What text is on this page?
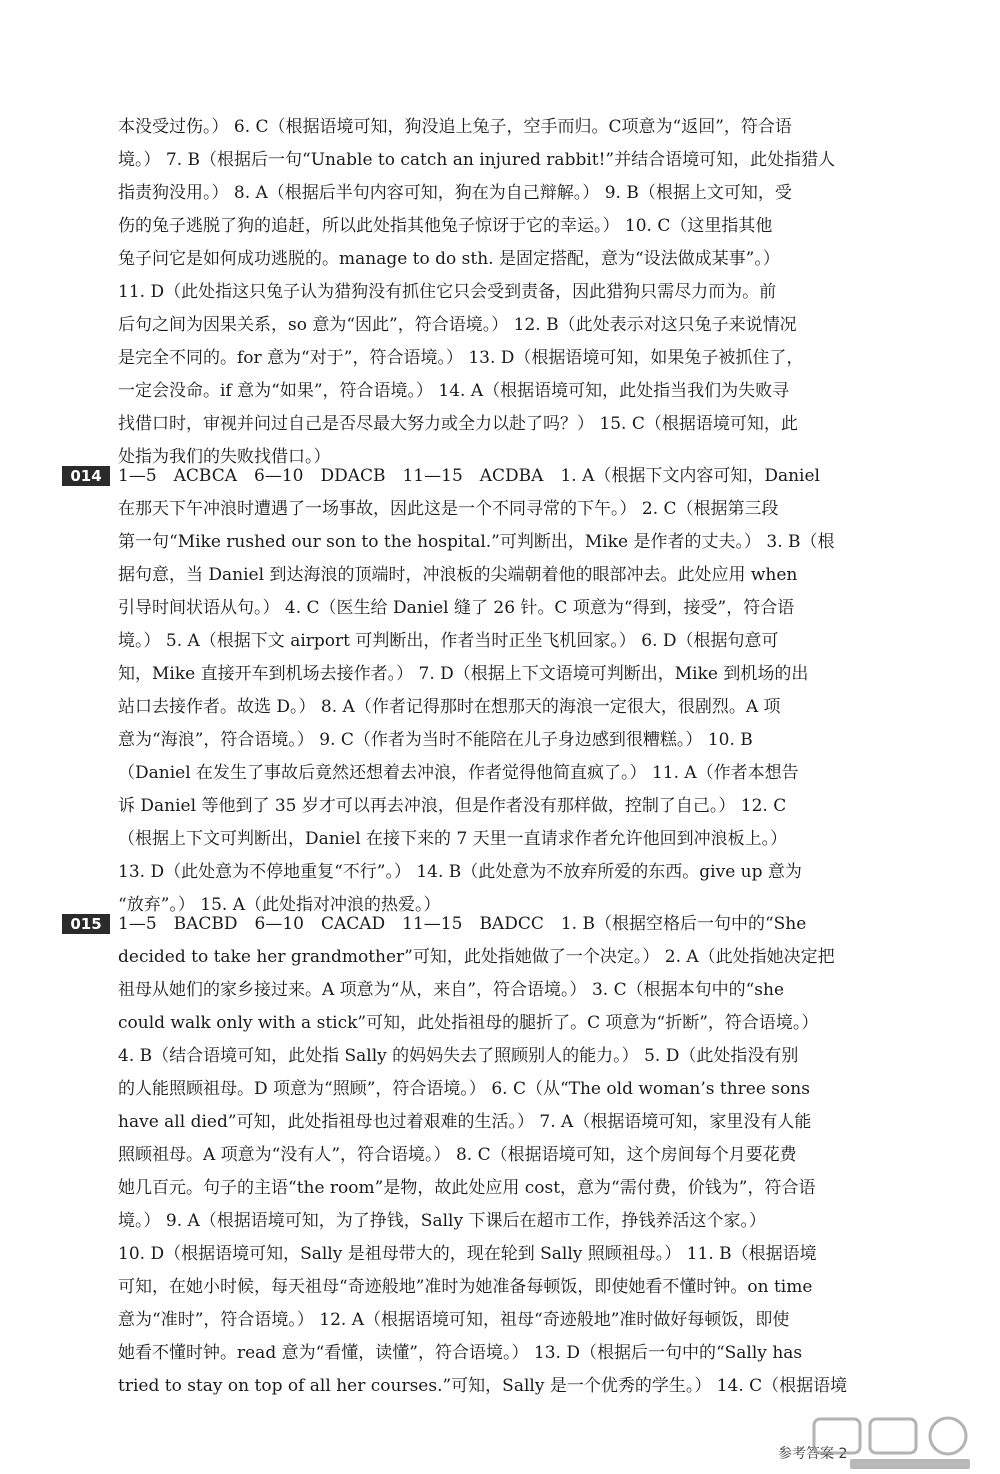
本没受过伤。） 6. C（根据语境可知，狗没追上兔子，空手而归。C项意为“返回”，符合语
境。） 7. B（根据后一句“Unable to catch an injured rabbit!”并结合语境可知，此处指猎人
指责狗没用。） 8. A（根据后半句内容可知，狗在为自己辩解。） 9. B（根据上文可知，受
伤的兔子逃脱了狗的追赶，所以此处指其他兔子惊讶于它的幸运。） 10. C（这里指其他
兔子问它是如何成功逃脱的。manage to do sth. 是固定搭配，意为“设法做成某事”。）
11. D（此处指这只兔子认为猎狗没有抓住它只会受到责备，因此猎狗只需尽力而为。前
后句之间为因果关系，so 意为“因此”，符合语境。） 12. B（此处表示对这只兔子来说情况
是完全不同的。for 意为“对于”，符合语境。） 13. D（根据语境可知，如果兔子被抓住了，
一定会没命。if 意为“如果”，符合语境。） 14. A（根据语境可知，此处指当我们为失败寻
找借口时，审视并问过自己是否尽最大努力或全力以赴了吗？） 15. C（根据语境可知，此
处指为我们的失败找借口。）
014 1—5　ACBCA　6—10　DDACB　11—15　ACDBA　1. A（根据下文内容可知，Daniel
在那天下午冲浪时遭遇了一场事故，因此这是一个不同寻常的下午。） 2. C（根据第三段
第一句“Mike rushed our son to the hospital.”可判断出，Mike 是作者的丈夫。） 3. B（根
据句意，当 Daniel 到达海浪的顶端时，冲浪板的尖端朝着他的眼部冲去。此处应用 when
引导时间状语从句。） 4. C（医生给 Daniel 缝了 26 针。C 项意为“得到，接受”，符合语
境。） 5. A（根据下文 airport 可判断出，作者当时正坐飞机回家。） 6. D（根据句意可
知，Mike 直接开车到机场去接作者。） 7. D（根据上下文语境可判断出，Mike 到机场的出
站口去接作者。故选 D。） 8. A（作者记得那时在想那天的海浪一定很大，很剧烈。A 项
意为“海浪”，符合语境。） 9. C（作者为当时不能陪在儿子身边感到很糟糕。） 10. B
（Daniel 在发生了事故后竟然还想着去冲浪，作者觉得他简直疯了。） 11. A（作者本想告
诉 Daniel 等他到了 35 岁才可以再去冲浪，但是作者没有那样做，控制了自己。） 12. C
（根据上下文可判断出，Daniel 在接下来的 7 天里一直请求作者允许他回到冲浪板上。）
13. D（此处意为不停地重复“不行”。） 14. B（此处意为不放弃所爱的东西。give up 意为
“放弃”。） 15. A（此处指对冲浪的热爱。）
015 1—5　BACBD　6—10　CACAD　11—15　BADCC　1. B（根据空格后一句中的“She
decided to take her grandmother”可知，此处指她做了一个决定。） 2. A（此处指她决定把
祖母从她们的家乡接过来。A 项意为“从，来自”，符合语境。） 3. C（根据本句中的“she
could walk only with a stick”可知，此处指祖母的腿折了。C 项意为“折断”，符合语境。）
4. B（结合语境可知，此处指 Sally 的妈妈失去了照顾别人的能力。） 5. D（此处指没有别
的人能照顾祖母。D 项意为“照顾”，符合语境。） 6. C（从“The old woman’s three sons
have all died”可知，此处指祖母也过着艰难的生活。） 7. A（根据语境可知，家里没有人能
照顾祖母。A 项意为“没有人”，符合语境。） 8. C（根据语境可知，这个房间每个月要花费
她几百元。句子的主语“the room”是物，故此处应用 cost，意为“需付费，价钱为”，符合语
境。） 9. A（根据语境可知，为了挣钱，Sally 下课后在超市工作，挣钱养活这个家。）
10. D（根据语境可知，Sally 是祖母带大的，现在轮到 Sally 照顾祖母。） 11. B（根据语境
可知，在她小时候，每天祖母“奇迹般地”准时为她准备每顿饭，即使她看不懂时钟。on time
意为“准时”，符合语境。） 12. A（根据语境可知，祖母“奇迹般地”准时做好每顿饭，即使
她看不懂时钟。read 意为“看懂，读懂”，符合语境。） 13. D（根据后一句中的“Sally has
tried to stay on top of all her courses.”可知，Sally 是一个优秀的学生。） 14. C（根据语境
参考答案 2
